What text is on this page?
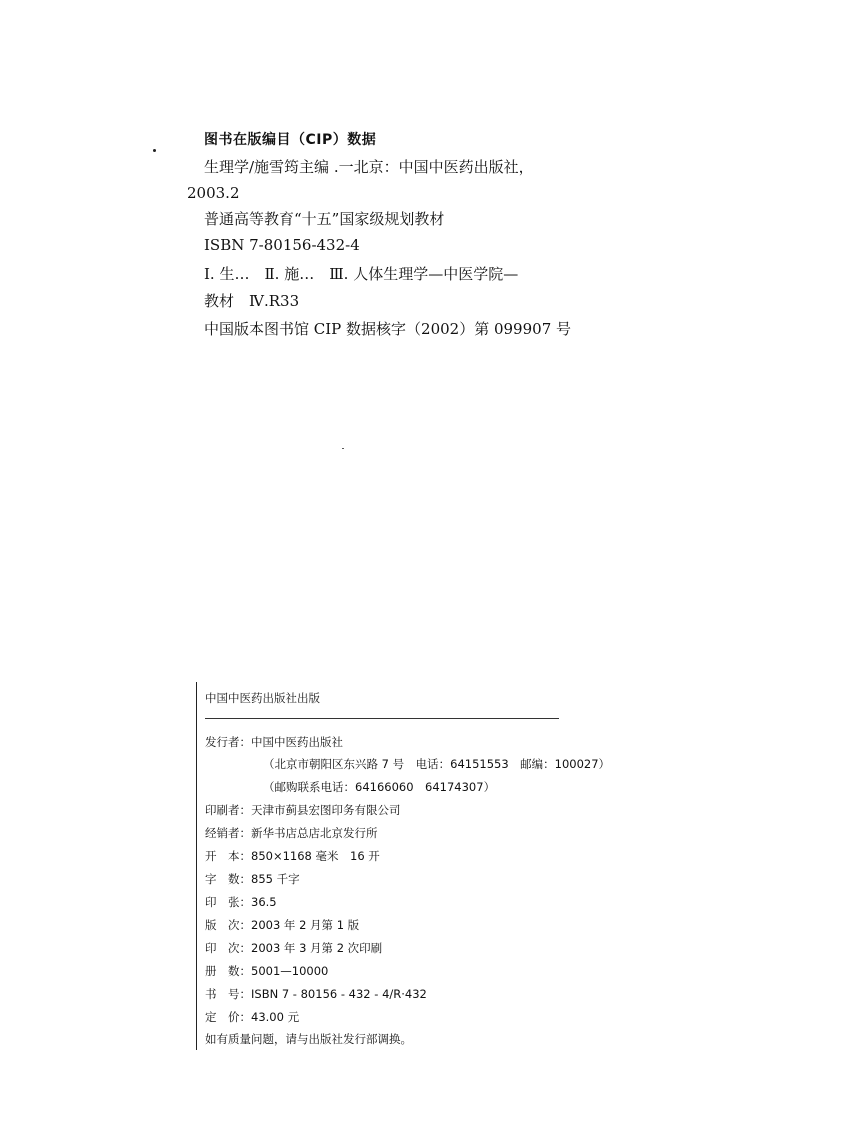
图书在版编目（CIP）数据
生理学/施雪筠主编 .一北京：中国中医药出版社，
2003.2
普通高等教育“十五”国家级规划教材
ISBN 7-80156-432-4
Ⅰ. 生…　Ⅱ. 施…　Ⅲ. 人体生理学—中医学院—
教材　Ⅳ.R33
中国版本图书馆 CIP 数据核字（2002）第 099907 号
中国中医药出版社出版
发行者：中国中医药出版社
（北京市朝阳区东兴路 7 号　电话：64151553　邮编：100027）
（邮购联系电话：64166060　64174307）
印刷者：天津市蓟县宏图印务有限公司
经销者：新华书店总店北京发行所
开　本：850×1168 毫米　16 开
字　数：855 千字
印　张：36.5
版　次：2003 年 2 月第 1 版
印　次：2003 年 3 月第 2 次印刷
册　数：5001—10000
书　号：ISBN 7 - 80156 - 432 - 4/R·432
定　价：43.00 元
如有质量问题，请与出版社发行部调换。
